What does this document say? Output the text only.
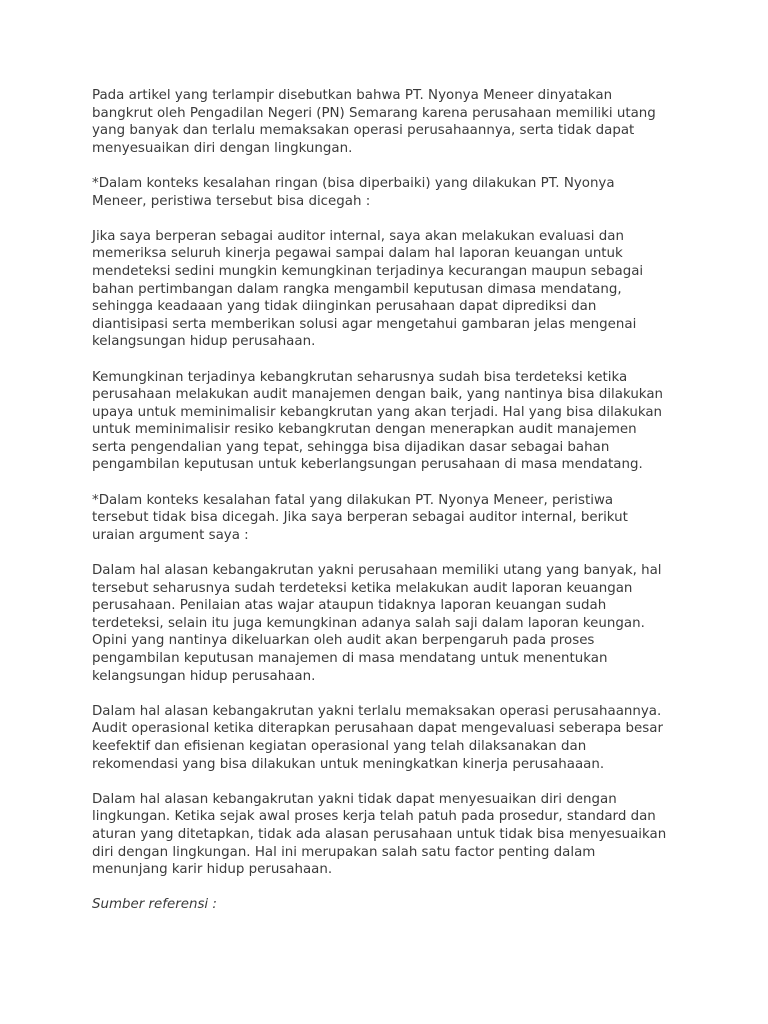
Pada artikel yang terlampir disebutkan bahwa PT. Nyonya Meneer dinyatakan
bangkrut oleh Pengadilan Negeri (PN) Semarang karena perusahaan memiliki utang
yang banyak dan terlalu memaksakan operasi perusahaannya, serta tidak dapat
menyesuaikan diri dengan lingkungan.

*Dalam konteks kesalahan ringan (bisa diperbaiki) yang dilakukan PT. Nyonya
Meneer, peristiwa tersebut bisa dicegah :

Jika saya berperan sebagai auditor internal, saya akan melakukan evaluasi dan
memeriksa seluruh kinerja pegawai sampai dalam hal laporan keuangan untuk
mendeteksi sedini mungkin kemungkinan terjadinya kecurangan maupun sebagai
bahan pertimbangan dalam rangka mengambil keputusan dimasa mendatang,
sehingga keadaaan yang tidak diinginkan perusahaan dapat diprediksi dan
diantisipasi serta memberikan solusi agar mengetahui gambaran jelas mengenai
kelangsungan hidup perusahaan.

Kemungkinan terjadinya kebangkrutan seharusnya sudah bisa terdeteksi ketika
perusahaan melakukan audit manajemen dengan baik, yang nantinya bisa dilakukan
upaya untuk meminimalisir kebangkrutan yang akan terjadi. Hal yang bisa dilakukan
untuk meminimalisir resiko kebangkrutan dengan menerapkan audit manajemen
serta pengendalian yang tepat, sehingga bisa dijadikan dasar sebagai bahan
pengambilan keputusan untuk keberlangsungan perusahaan di masa mendatang.

*Dalam konteks kesalahan fatal yang dilakukan PT. Nyonya Meneer, peristiwa
tersebut tidak bisa dicegah. Jika saya berperan sebagai auditor internal, berikut
uraian argument saya :

Dalam hal alasan kebangakrutan yakni perusahaan memiliki utang yang banyak, hal
tersebut seharusnya sudah terdeteksi ketika melakukan audit laporan keuangan
perusahaan. Penilaian atas wajar ataupun tidaknya laporan keuangan sudah
terdeteksi, selain itu juga kemungkinan adanya salah saji dalam laporan keungan.
Opini yang nantinya dikeluarkan oleh audit akan berpengaruh pada proses
pengambilan keputusan manajemen di masa mendatang untuk menentukan
kelangsungan hidup perusahaan.

Dalam hal alasan kebangakrutan yakni terlalu memaksakan operasi perusahaannya.
Audit operasional ketika diterapkan perusahaan dapat mengevaluasi seberapa besar
keefektif dan efisienan kegiatan operasional yang telah dilaksanakan dan
rekomendasi yang bisa dilakukan untuk meningkatkan kinerja perusahaaan.

Dalam hal alasan kebangakrutan yakni tidak dapat menyesuaikan diri dengan
lingkungan. Ketika sejak awal proses kerja telah patuh pada prosedur, standard dan
aturan yang ditetapkan, tidak ada alasan perusahaan untuk tidak bisa menyesuaikan
diri dengan lingkungan. Hal ini merupakan salah satu factor penting dalam
menunjang karir hidup perusahaan.

Sumber referensi :
